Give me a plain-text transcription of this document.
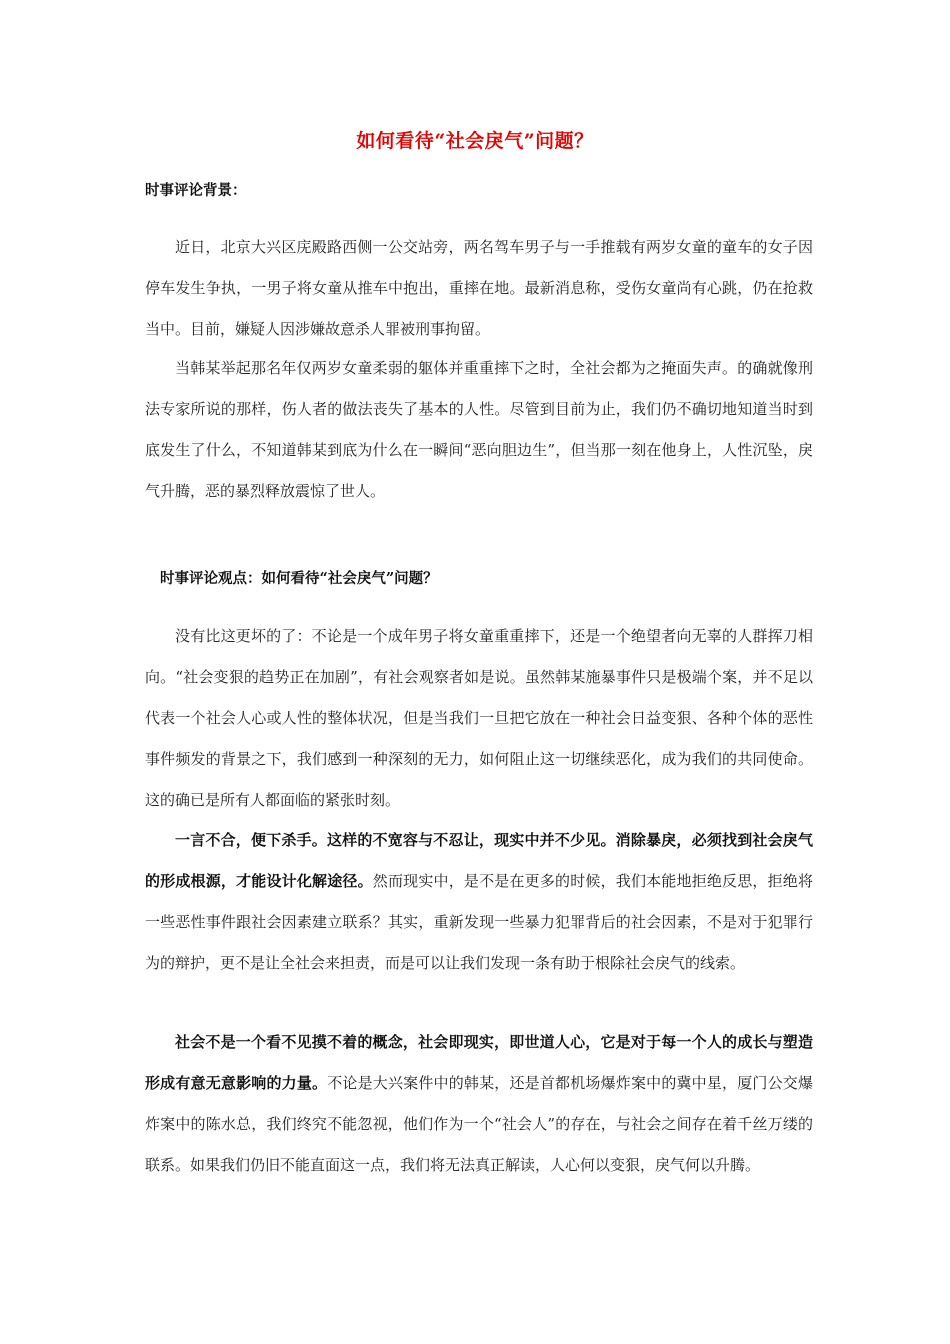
如何看待“社会戾气”问题？
时事评论背景：

近日，北京大兴区庑殿路西侧一公交站旁，两名驾车男子与一手推载有两岁女童的童车的女子因停车发生争执，一男子将女童从推车中抱出，重摔在地。最新消息称，受伤女童尚有心跳，仍在抢救当中。目前，嫌疑人因涉嫌故意杀人罪被刑事拘留。

当韩某举起那名年仅两岁女童柔弱的躯体并重重摔下之时，全社会都为之掩面失声。的确就像刑法专家所说的那样，伤人者的做法丧失了基本的人性。尽管到目前为止，我们仍不确切地知道当时到底发生了什么，不知道韩某到底为什么在一瞬间“恶向胆边生”，但当那一刻在他身上，人性沉坠，戾气升腾，恶的暴烈释放震惊了世人。

时事评论观点：如何看待“社会戾气”问题？

没有比这更坏的了：不论是一个成年男子将女童重重摔下，还是一个绝望者向无辜的人群挥刀相向。“社会变狠的趋势正在加剧”，有社会观察者如是说。虽然韩某施暴事件只是极端个案，并不足以代表一个社会人心或人性的整体状况，但是当我们一旦把它放在一种社会日益变狠、各种个体的恶性事件频发的背景之下，我们感到一种深刻的无力，如何阻止这一切继续恶化，成为我们的共同使命。这的确已是所有人都面临的紧张时刻。

一言不合，便下杀手。这样的不宽容与不忍让，现实中并不少见。消除暴戾，必须找到社会戾气的形成根源，才能设计化解途径。然而现实中，是不是在更多的时候，我们本能地拒绝反思，拒绝将一些恶性事件跟社会因素建立联系？其实，重新发现一些暴力犯罪背后的社会因素，不是对于犯罪行为的辩护，更不是让全社会来担责，而是可以让我们发现一条有助于根除社会戾气的线索。

社会不是一个看不见摸不着的概念，社会即现实，即世道人心，它是对于每一个人的成长与塑造形成有意无意影响的力量。不论是大兴案件中的韩某，还是首都机场爆炸案中的冀中星，厦门公交爆炸案中的陈水总，我们终究不能忽视，他们作为一个“社会人”的存在，与社会之间存在着千丝万缕的联系。如果我们仍旧不能直面这一点，我们将无法真正解读，人心何以变狠，戾气何以升腾。
